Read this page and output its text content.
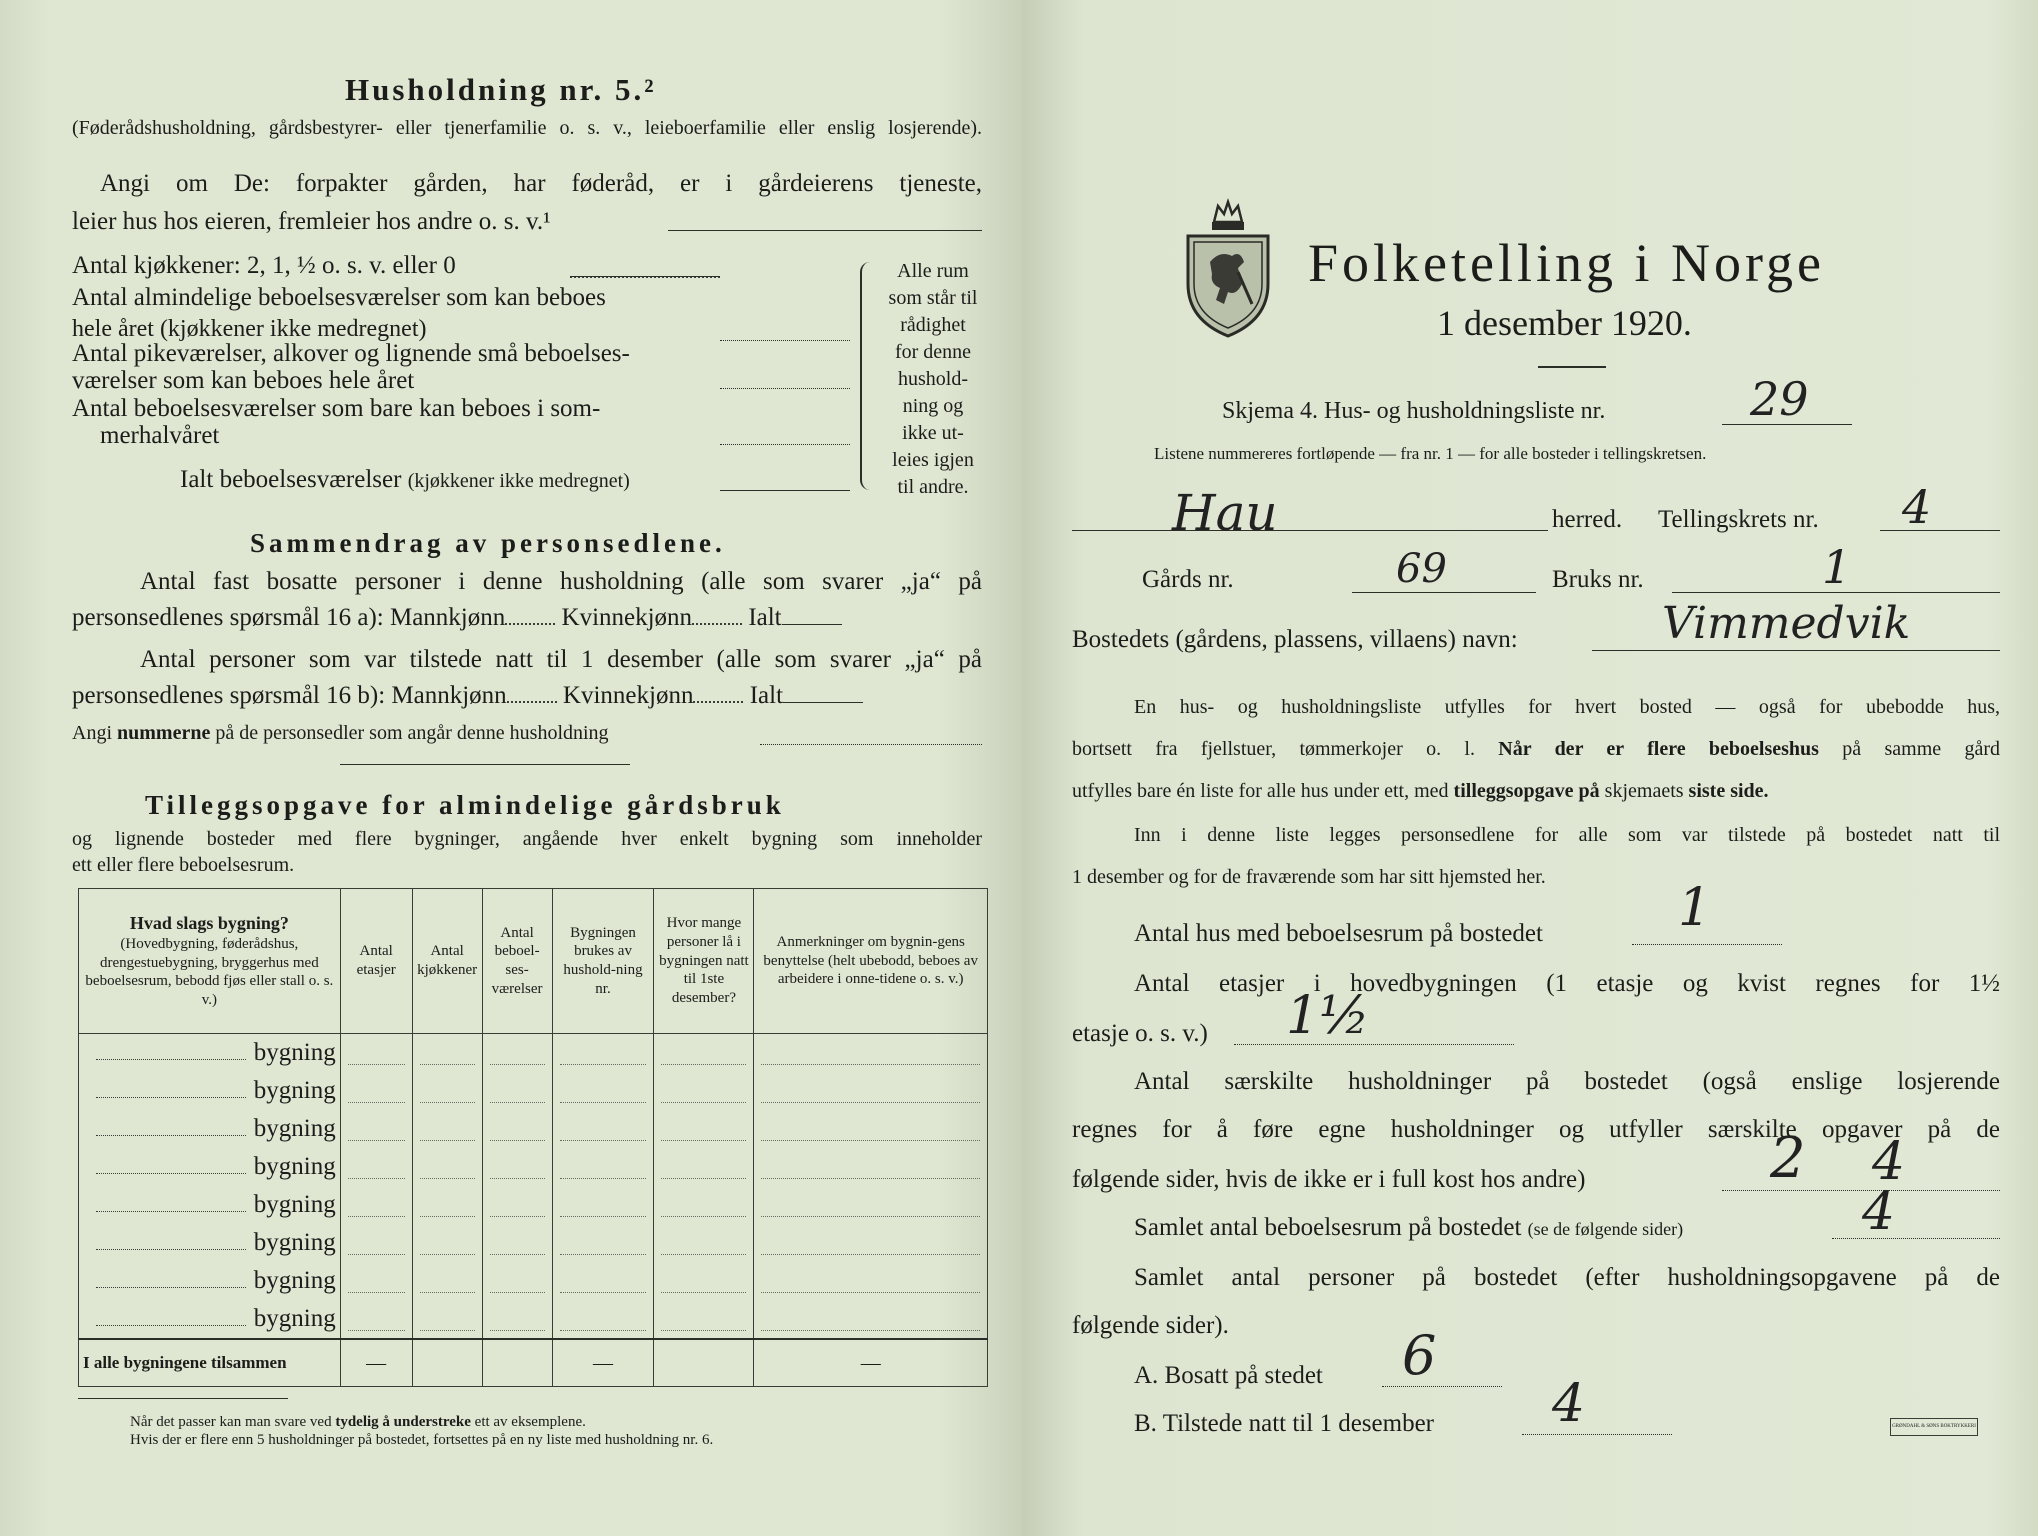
Husholdning nr. 5.²
(Føderådshusholdning, gårdsbestyrer- eller tjenerfamilie o. s. v., leieboerfamilie eller enslig losjerende).
Angi om De: forpakter gården, har føderåd, er i gårdeierens tjeneste,
leier hus hos eieren, fremleier hos andre o. s. v.¹
Antal kjøkkener: 2, 1, ½ o. s. v. eller 0
Antal almindelige beboelsesværelser som kan beboes
hele året (kjøkkener ikke medregnet)
Antal pikeværelser, alkover og lignende små beboelses-
værelser som kan beboes hele året
Antal beboelsesværelser som bare kan beboes i som-
merhalvåret
Ialt beboelsesværelser (kjøkkener ikke medregnet)
Alle rum
som står til
rådighet
for denne
hushold-
ning og
ikke ut-
leies igjen
til andre.
Sammendrag av personsedlene.
Antal fast bosatte personer i denne husholdning (alle som svarer „ja“ på
personsedlenes spørsmål 16 a): Mannkjønn Kvinnekjønn Ialt
Antal personer som var tilstede natt til 1 desember (alle som svarer „ja“ på
personsedlenes spørsmål 16 b): Mannkjønn Kvinnekjønn Ialt
Angi nummerne på de personsedler som angår denne husholdning
Tilleggsopgave for almindelige gårdsbruk
og lignende bosteder med flere bygninger, angående hver enkelt bygning som inneholder
ett eller flere beboelsesrum.
Hvad slags bygning?
(Hovedbygning, føderådshus, drengestuebygning, bryggerhus med beboelsesrum, bebodd fjøs eller stall o. s. v.)	Antal etasjer	Antal kjøkkener	Antal beboel-ses-værelser	Bygningen brukes av hushold-ning nr.	Hvor mange personer lå i bygningen natt til 1ste desember?	Anmerkninger om bygnin-gens benyttelse (helt ubebodd, beboes av arbeidere i onne-tidene o. s. v.)
bygning	

bygning	

bygning	

bygning	

bygning	

bygning	

bygning	

bygning	

I alle bygningene tilsammen	—			—		—
Når det passer kan man svare ved tydelig å understreke ett av eksemplene.
Hvis der er flere enn 5 husholdninger på bostedet, fortsettes på en ny liste med husholdning nr. 6.
Folketelling i Norge
1 desember 1920.
Skjema 4. Hus- og husholdningsliste nr.	29
Listene nummereres fortløpende — fra nr. 1 — for alle bosteder i tellingskretsen.
Hau	herred. Tellingskrets nr. 4
Gårds nr.	69	Bruks nr.	1
Bostedets (gårdens, plassens, villaens) navn:	Vimmedvik
En hus- og husholdningsliste utfylles for hvert bosted — også for ubebodde hus,
bortsett fra fjellstuer, tømmerkojer o. l. Når der er flere beboelseshus på samme gård
utfylles bare én liste for alle hus under ett, med tilleggsopgave på skjemaets siste side.
Inn i denne liste legges personsedlene for alle som var tilstede på bostedet natt til
1 desember og for de fraværende som har sitt hjemsted her.
Antal hus med beboelsesrum på bostedet	1
Antal etasjer i hovedbygningen (1 etasje og kvist regnes for 1½
etasje o. s. v.) 1½
Antal særskilte husholdninger på bostedet (også enslige losjerende
regnes for å føre egne husholdninger og utfyller særskilte opgaver på de
følgende sider, hvis de ikke er i full kost hos andre)	2 4
Samlet antal beboelsesrum på bostedet (se de følgende sider)	4
Samlet antal personer på bostedet (efter husholdningsopgavene på de
følgende sider).
A. Bosatt på stedet 6
B. Tilstede natt til 1 desember 4	GRØNDAHL & SØNS BOKTRYKKERI
